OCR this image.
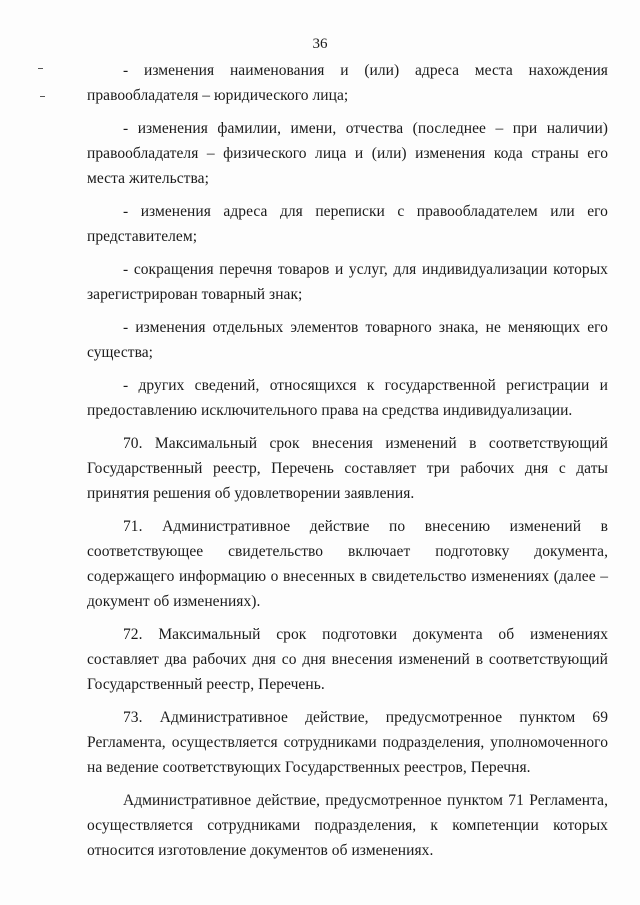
36

- изменения наименования и (или) адреса места нахождения правообладателя – юридического лица;

- изменения фамилии, имени, отчества (последнее – при наличии) правообладателя – физического лица и (или) изменения кода страны его места жительства;

- изменения адреса для переписки с правообладателем или его представителем;

- сокращения перечня товаров и услуг, для индивидуализации которых зарегистрирован товарный знак;

- изменения отдельных элементов товарного знака, не меняющих его существа;

- других сведений, относящихся к государственной регистрации и предоставлению исключительного права на средства индивидуализации.

70. Максимальный срок внесения изменений в соответствующий Государственный реестр, Перечень составляет три рабочих дня с даты принятия решения об удовлетворении заявления.

71. Административное действие по внесению изменений в соответствующее свидетельство включает подготовку документа, содержащего информацию о внесенных в свидетельство изменениях (далее – документ об изменениях).

72. Максимальный срок подготовки документа об изменениях составляет два рабочих дня со дня внесения изменений в соответствующий Государственный реестр, Перечень.

73. Административное действие, предусмотренное пунктом 69 Регламента, осуществляется сотрудниками подразделения, уполномоченного на ведение соответствующих Государственных реестров, Перечня.

Административное действие, предусмотренное пунктом 71 Регламента, осуществляется сотрудниками подразделения, к компетенции которых относится изготовление документов об изменениях.
